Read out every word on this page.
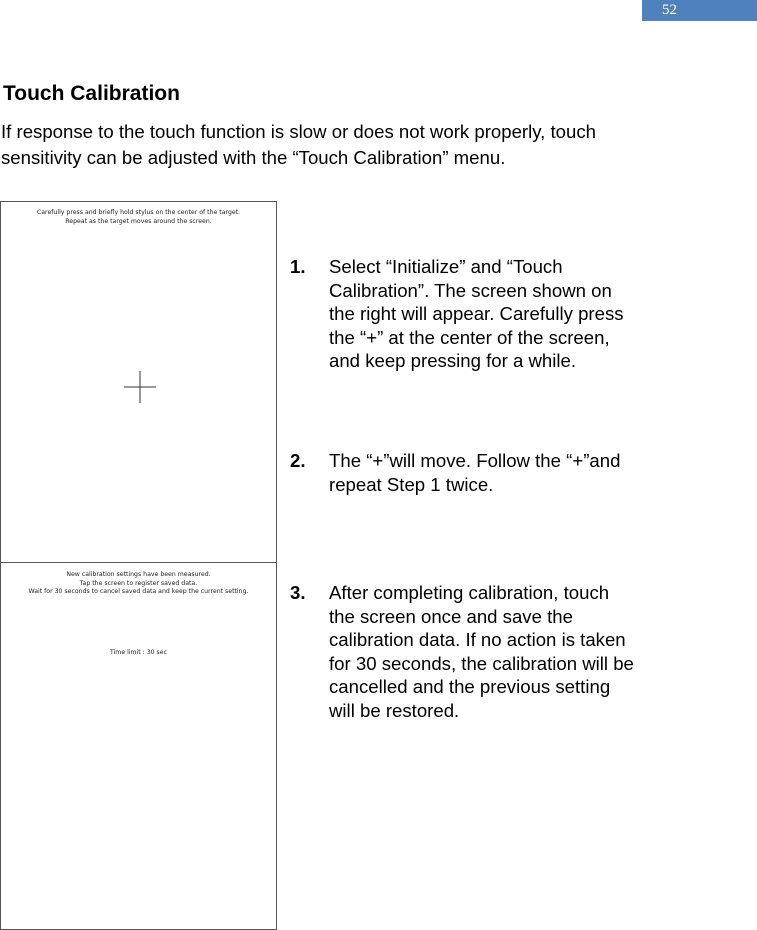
52
Touch Calibration

If response to the touch function is slow or does not work properly, touch sensitivity can be adjusted with the “Touch Calibration” menu.

Carefully press and briefly hold stylus on the center of the target.

Repeat as the target moves around the screen.

New calibration settings have been measured.

Tap the screen to register saved data.

Wait for 30 seconds to cancel saved data and keep the current setting.

Time limit : 30 sec

1.	Select “Initialize” and “Touch Calibration”. The screen shown on the right will appear. Carefully press the “+” at the center of the screen, and keep pressing for a while.
2.	The “+”will move. Follow the “+”and repeat Step 1 twice.
3.	After completing calibration, touch the screen once and save the calibration data. If no action is taken for 30 seconds, the calibration will be cancelled and the previous setting will be restored.
